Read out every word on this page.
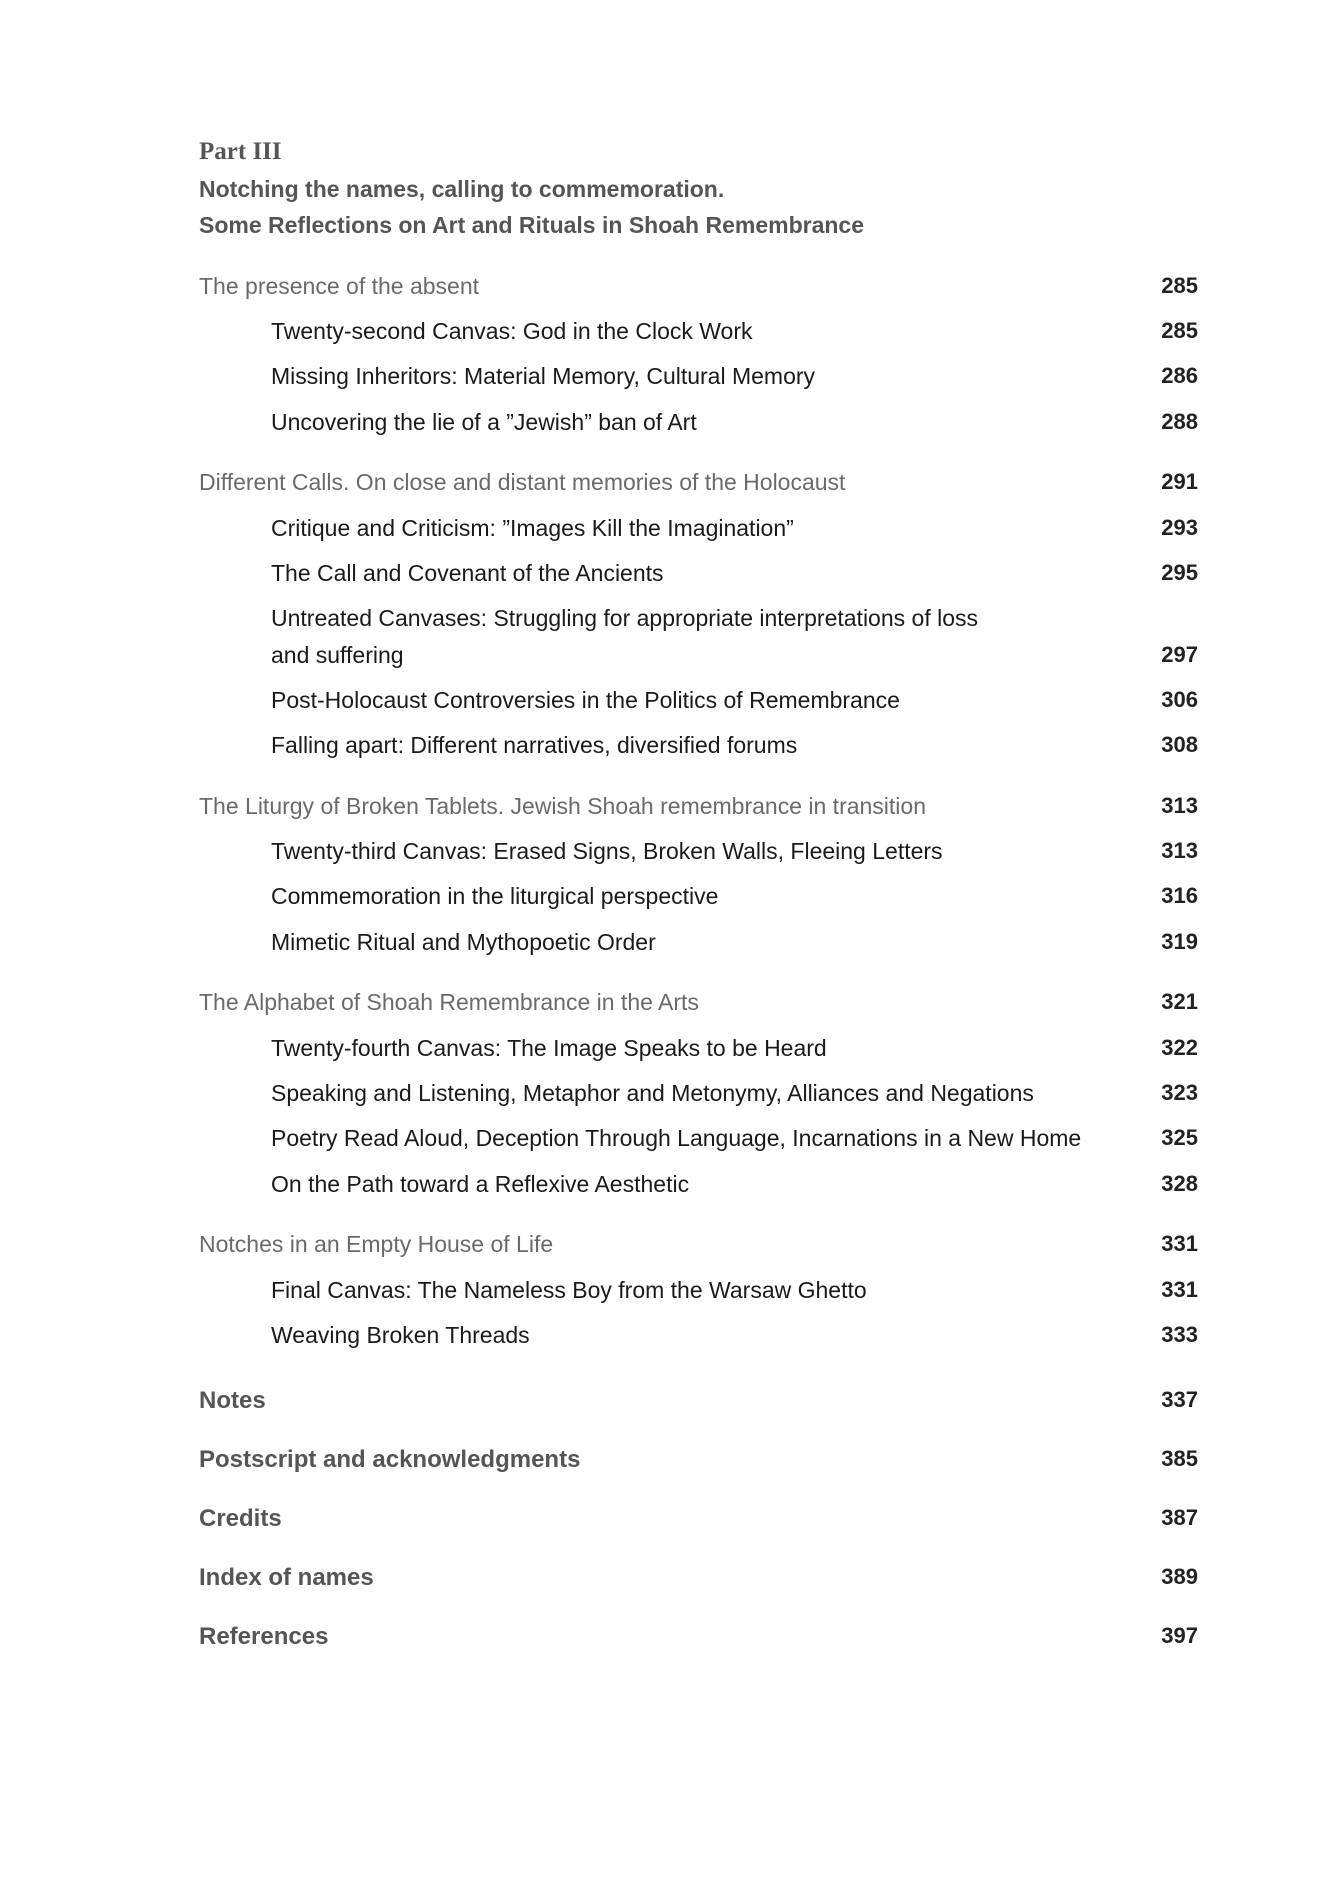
Part III
Notching the names, calling to commemoration.
Some Reflections on Art and Rituals in Shoah Remembrance
The presence of the absent	285
Twenty-second Canvas: God in the Clock Work	285
Missing Inheritors: Material Memory, Cultural Memory	286
Uncovering the lie of a ”Jewish” ban of Art	288
Different Calls. On close and distant memories of the Holocaust	291
Critique and Criticism: ”Images Kill the Imagination”	293
The Call and Covenant of the Ancients	295
Untreated Canvases: Struggling for appropriate interpretations of loss
and suffering	297
Post-Holocaust Controversies in the Politics of Remembrance	306
Falling apart: Different narratives, diversified forums	308
The Liturgy of Broken Tablets. Jewish Shoah remembrance in transition	313
Twenty-third Canvas: Erased Signs, Broken Walls, Fleeing Letters	313
Commemoration in the liturgical perspective	316
Mimetic Ritual and Mythopoetic Order	319
The Alphabet of Shoah Remembrance in the Arts	321
Twenty-fourth Canvas: The Image Speaks to be Heard	322
Speaking and Listening, Metaphor and Metonymy, Alliances and Negations	323
Poetry Read Aloud, Deception Through Language, Incarnations in a New Home	325
On the Path toward a Reflexive Aesthetic	328
Notches in an Empty House of Life	331
Final Canvas: The Nameless Boy from the Warsaw Ghetto	331
Weaving Broken Threads	333
Notes	337
Postscript and acknowledgments	385
Credits	387
Index of names	389
References	397
